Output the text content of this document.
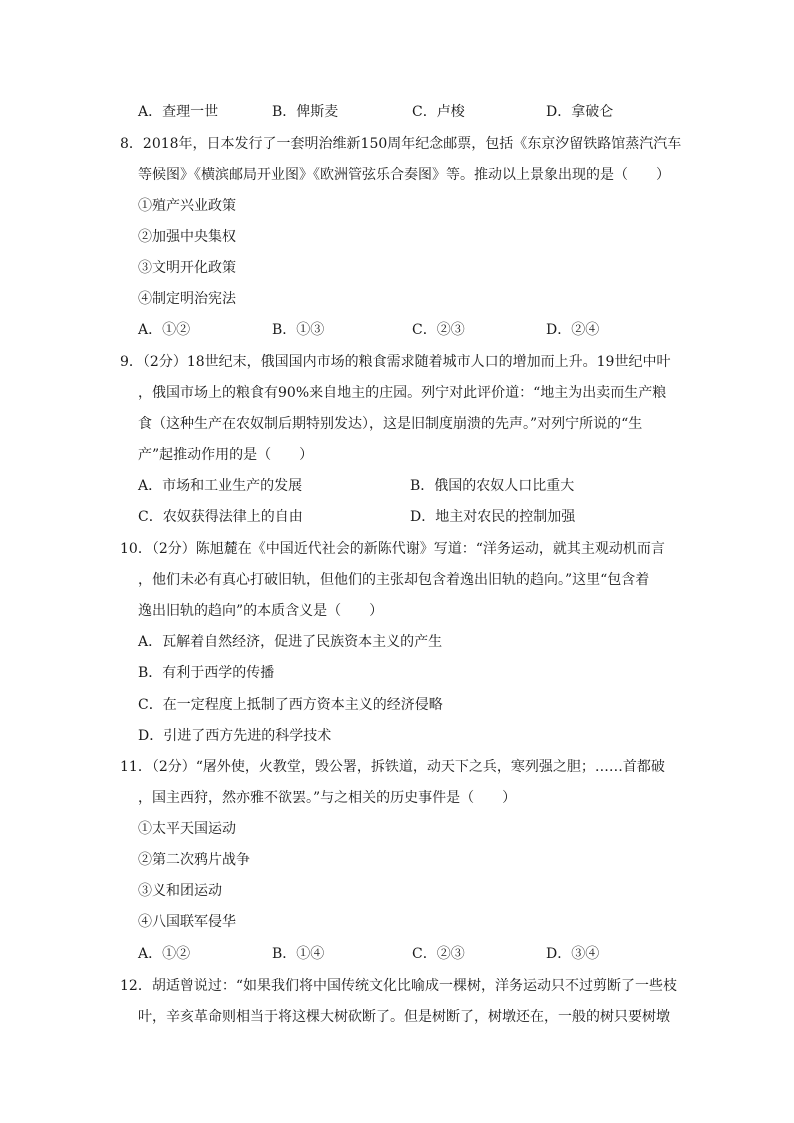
A．查理一世	B．俾斯麦	C．卢梭	D．拿破仑
8．2018年，日本发行了一套明治维新150周年纪念邮票，包括《东京汐留铁路馆蒸汽汽车
等候图》《横滨邮局开业图》《欧洲管弦乐合奏图》等。推动以上景象出现的是（　　）
①殖产兴业政策
②加强中央集权
③文明开化政策
④制定明治宪法
A．①②	B．①③	C．②③	D．②④
9．（2分）18世纪末，俄国国内市场的粮食需求随着城市人口的增加而上升。19世纪中叶
，俄国市场上的粮食有90%来自地主的庄园。列宁对此评价道：“地主为出卖而生产粮
食（这种生产在农奴制后期特别发达），这是旧制度崩溃的先声。”对列宁所说的“生
产”起推动作用的是（　　）
A．市场和工业生产的发展	B．俄国的农奴人口比重大
C．农奴获得法律上的自由	D．地主对农民的控制加强
10．（2分）陈旭麓在《中国近代社会的新陈代谢》写道：“洋务运动，就其主观动机而言
，他们未必有真心打破旧轨，但他们的主张却包含着逸出旧轨的趋向。”这里“包含着
逸出旧轨的趋向”的本质含义是（　　）
A．瓦解着自然经济，促进了民族资本主义的产生
B．有利于西学的传播
C．在一定程度上抵制了西方资本主义的经济侵略
D．引进了西方先进的科学技术
11．（2分）“屠外使，火教堂，毁公署，拆铁道，动天下之兵，寒列强之胆；……首都破
，国主西狩，然亦雅不欲罢。”与之相关的历史事件是（　　）
①太平天国运动
②第二次鸦片战争
③义和团运动
④八国联军侵华
A．①②	B．①④	C．②③	D．③④
12．胡适曾说过：“如果我们将中国传统文化比喻成一棵树，洋务运动只不过剪断了一些枝
叶，辛亥革命则相当于将这棵大树砍断了。但是树断了，树墩还在，一般的树只要树墩
